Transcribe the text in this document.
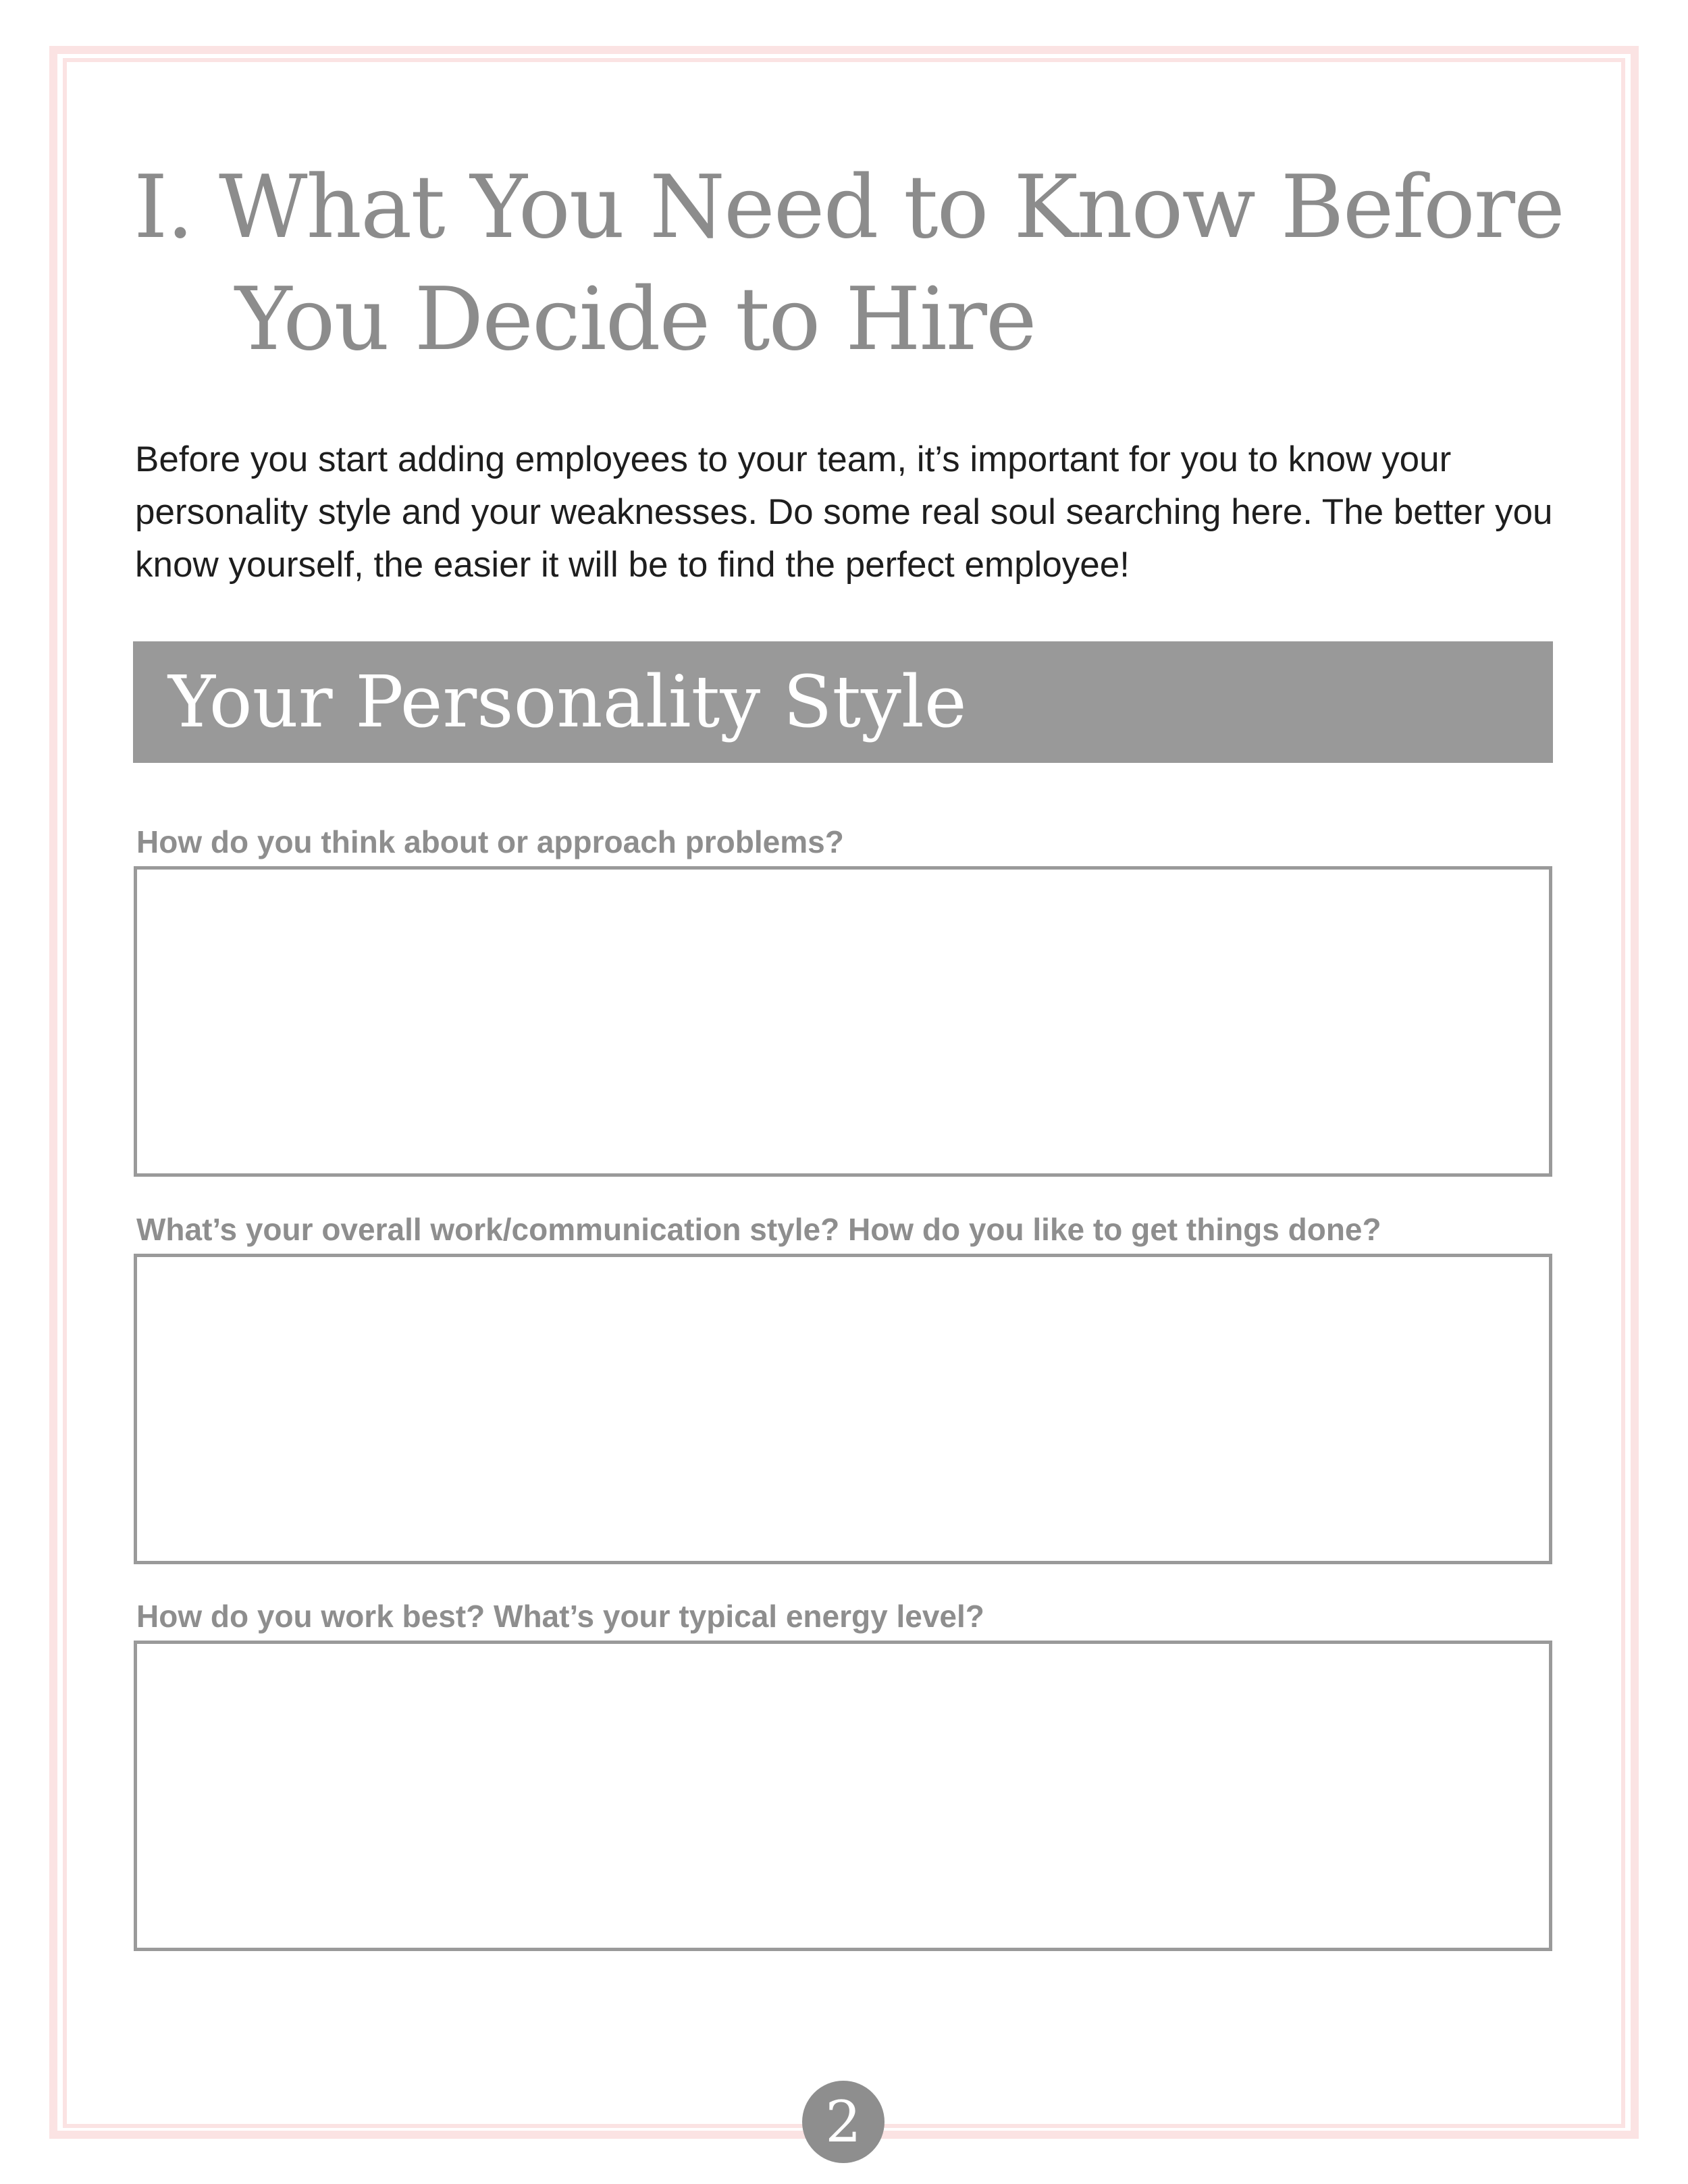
I. What You Need to Know Before
You Decide to Hire

Before you start adding employees to your team, it’s important for you to know your personality style and your weaknesses. Do some real soul searching here. The better you know yourself, the easier it will be to find the perfect employee!

Your Personality Style
How do you think about or approach problems?
What’s your overall work/communication style? How do you like to get things done?
How do you work best? What’s your typical energy level?
2
